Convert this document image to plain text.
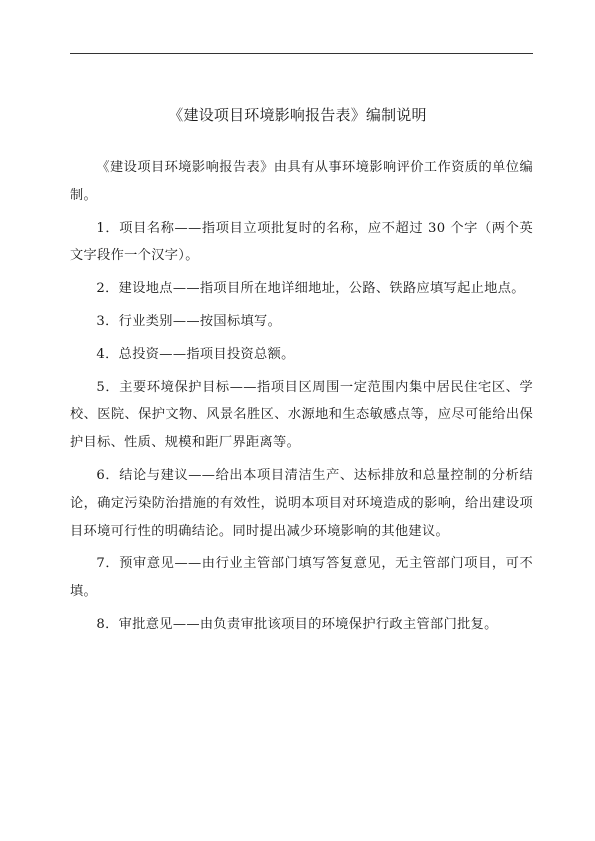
《建设项目环境影响报告表》编制说明

《建设项目环境影响报告表》由具有从事环境影响评价工作资质的单位编制。

1．项目名称——指项目立项批复时的名称，应不超过 30 个字（两个英文字段作一个汉字）。

2．建设地点——指项目所在地详细地址，公路、铁路应填写起止地点。

3．行业类别——按国标填写。

4．总投资——指项目投资总额。

5．主要环境保护目标——指项目区周围一定范围内集中居民住宅区、学校、医院、保护文物、风景名胜区、水源地和生态敏感点等，应尽可能给出保护目标、性质、规模和距厂界距离等。

6．结论与建议——给出本项目清洁生产、达标排放和总量控制的分析结论，确定污染防治措施的有效性，说明本项目对环境造成的影响，给出建设项目环境可行性的明确结论。同时提出减少环境影响的其他建议。

7．预审意见——由行业主管部门填写答复意见，无主管部门项目，可不填。

8．审批意见——由负责审批该项目的环境保护行政主管部门批复。
